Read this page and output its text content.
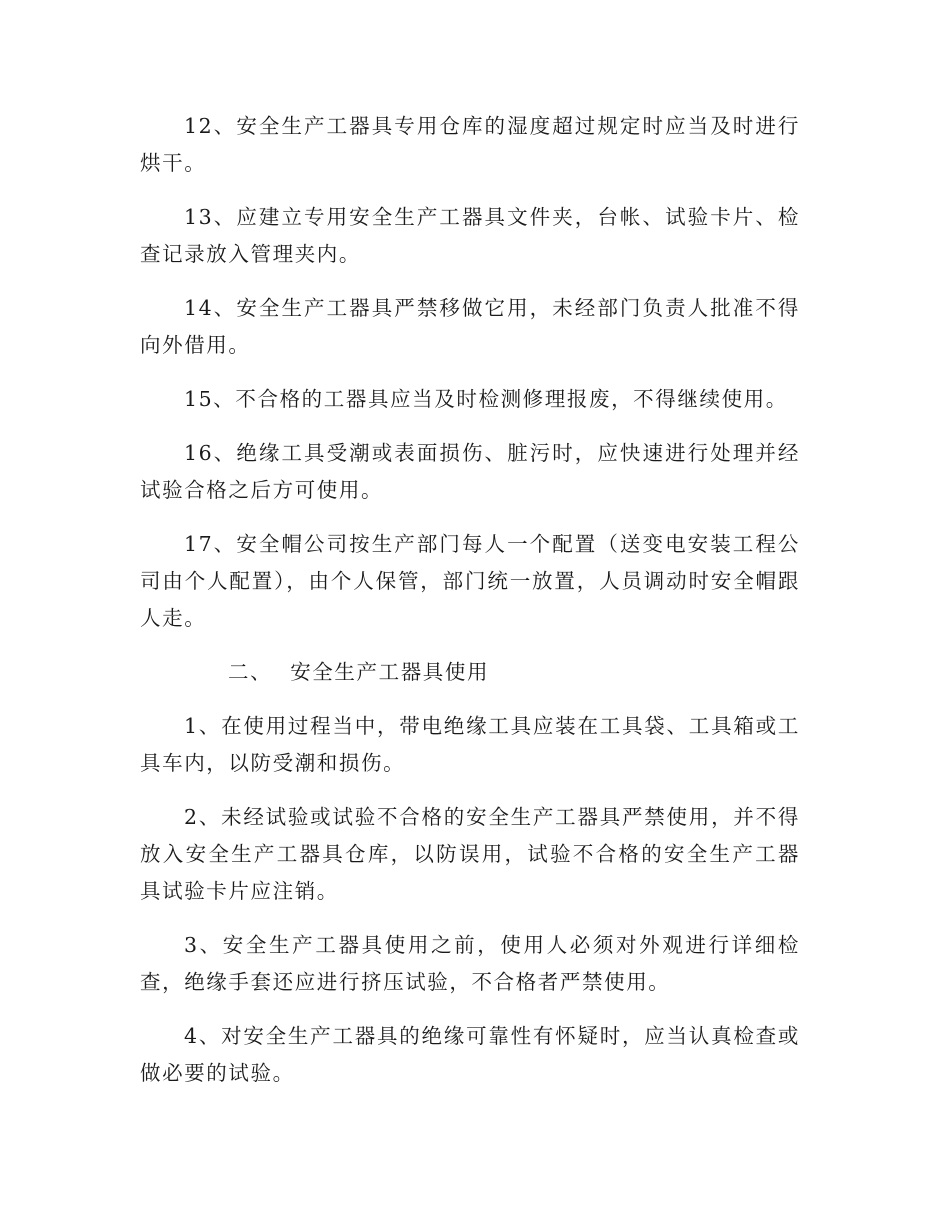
12、安全生产工器具专用仓库的湿度超过规定时应当及时进行烘干。

13、应建立专用安全生产工器具文件夹，台帐、试验卡片、检查记录放入管理夹内。

14、安全生产工器具严禁移做它用，未经部门负责人批准不得向外借用。

15、不合格的工器具应当及时检测修理报废，不得继续使用。

16、绝缘工具受潮或表面损伤、脏污时，应快速进行处理并经试验合格之后方可使用。

17、安全帽公司按生产部门每人一个配置（送变电安装工程公司由个人配置），由个人保管，部门统一放置，人员调动时安全帽跟人走。

二、 安全生产工器具使用

1、在使用过程当中，带电绝缘工具应装在工具袋、工具箱或工具车内，以防受潮和损伤。

2、未经试验或试验不合格的安全生产工器具严禁使用，并不得放入安全生产工器具仓库，以防误用，试验不合格的安全生产工器具试验卡片应注销。

3、安全生产工器具使用之前，使用人必须对外观进行详细检查，绝缘手套还应进行挤压试验，不合格者严禁使用。

4、对安全生产工器具的绝缘可靠性有怀疑时，应当认真检查或做必要的试验。
